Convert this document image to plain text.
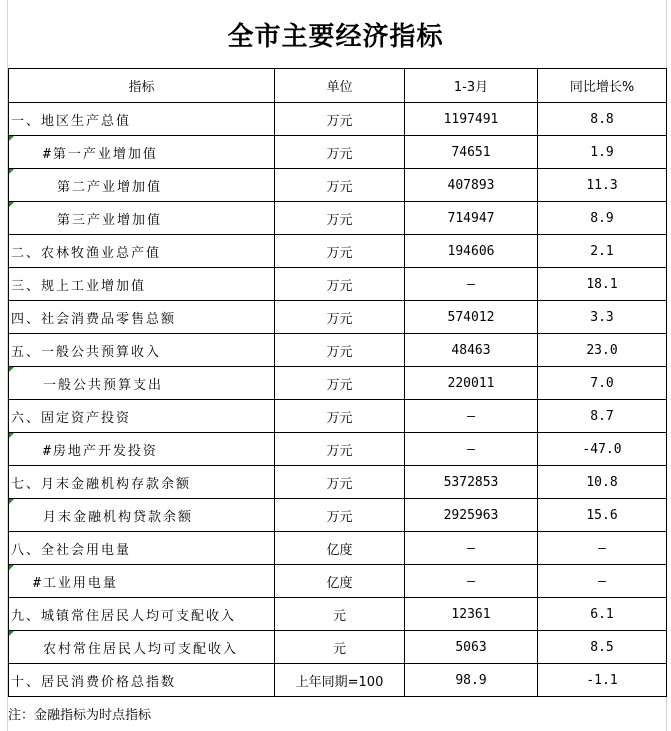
全市主要经济指标
指标	单位	1-3月	同比增长%
一、地区生产总值	万元	1197491	8.8

#第一产业增加值	万元	74651	1.9

第二产业增加值	万元	407893	11.3

第三产业增加值	万元	714947	8.9
二、农林牧渔业总产值	万元	194606	2.1
三、规上工业增加值	万元	—	18.1
四、社会消费品零售总额	万元	574012	3.3
五、一般公共预算收入	万元	48463	23.0

一般公共预算支出	万元	220011	7.0
六、固定资产投资	万元	—	8.7

#房地产开发投资	万元	—	-47.0
七、月末金融机构存款余额	万元	5372853	10.8

月末金融机构贷款余额	万元	2925963	15.6
八、全社会用电量	亿度	—	—

#工业用电量	亿度	—	—
九、城镇常住居民人均可支配收入	元	12361	6.1

农村常住居民人均可支配收入	元	5063	8.5
十、居民消费价格总指数	上年同期=100	98.9	-1.1
注：金融指标为时点指标
